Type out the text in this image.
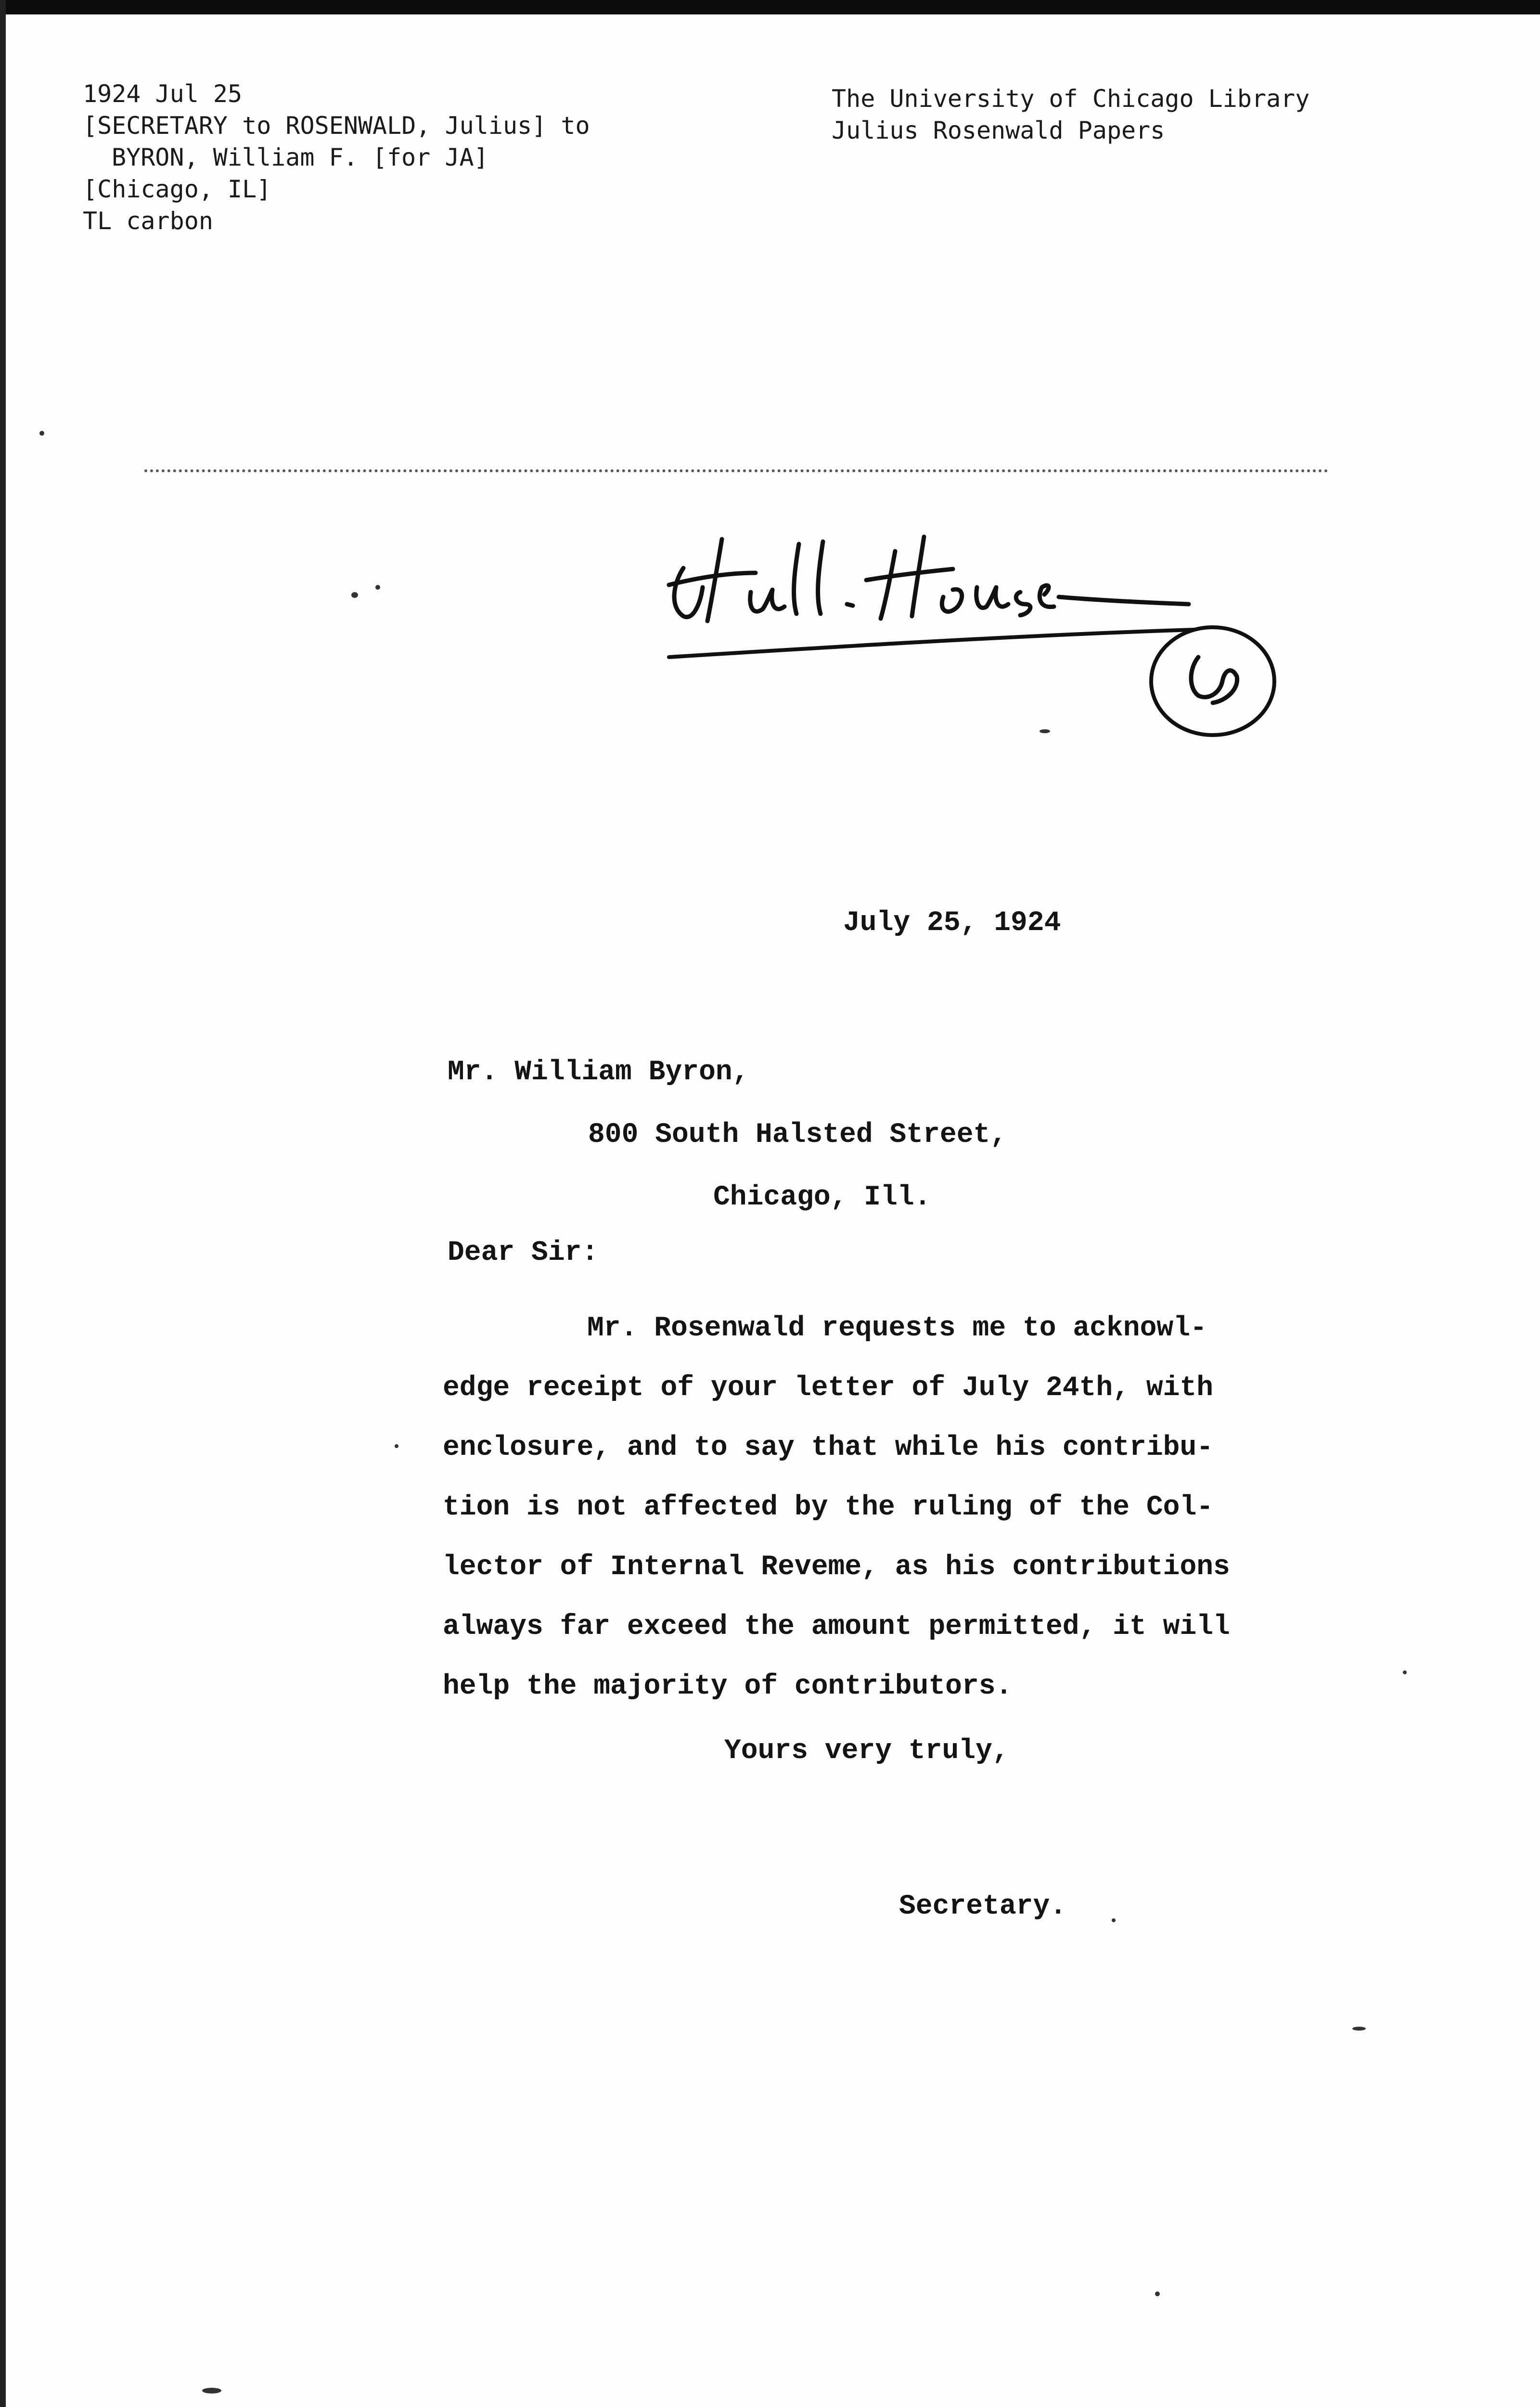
1924 Jul 25
[SECRETARY to ROSENWALD, Julius] to
BYRON, William F. [for JA]
[Chicago, IL]
TL carbon
The University of Chicago Library
Julius Rosenwald Papers
July 25, 1924
Mr. William Byron,
800 South Halsted Street,
Chicago, Ill.
Dear Sir:
Mr. Rosenwald requests me to acknowl-
edge receipt of your letter of July 24th, with
enclosure, and to say that while his contribu-
tion is not affected by the ruling of the Col-
lector of Internal Reveme, as his contributions
always far exceed the amount permitted, it will
help the majority of contributors.
Yours very truly,
Secretary.
